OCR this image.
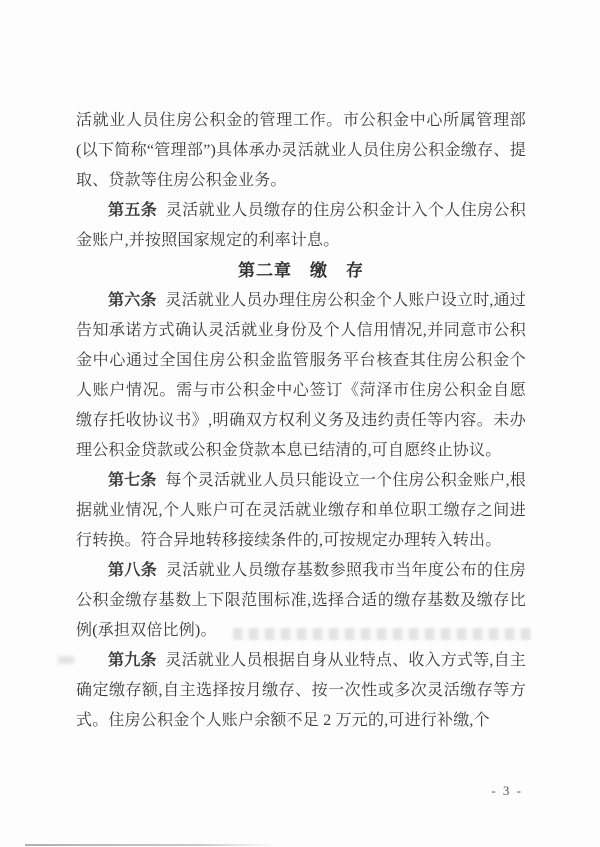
活就业人员住房公积金的管理工作。市公积金中心所属管理部(以下简称“管理部”)具体承办灵活就业人员住房公积金缴存、提取、贷款等住房公积金业务。

第五条 灵活就业人员缴存的住房公积金计入个人住房公积金账户,并按照国家规定的利率计息。

第二章　缴　存

第六条 灵活就业人员办理住房公积金个人账户设立时,通过告知承诺方式确认灵活就业身份及个人信用情况,并同意市公积金中心通过全国住房公积金监管服务平台核查其住房公积金个人账户情况。需与市公积金中心签订《菏泽市住房公积金自愿缴存托收协议书》,明确双方权利义务及违约责任等内容。未办理公积金贷款或公积金贷款本息已结清的,可自愿终止协议。

第七条 每个灵活就业人员只能设立一个住房公积金账户,根据就业情况,个人账户可在灵活就业缴存和单位职工缴存之间进行转换。符合异地转移接续条件的,可按规定办理转入转出。

第八条 灵活就业人员缴存基数参照我市当年度公布的住房公积金缴存基数上下限范围标准,选择合适的缴存基数及缴存比例(承担双倍比例)。

第九条 灵活就业人员根据自身从业特点、收入方式等,自主确定缴存额,自主选择按月缴存、按一次性或多次灵活缴存等方式。住房公积金个人账户余额不足 2 万元的,可进行补缴,个

- 3 -
